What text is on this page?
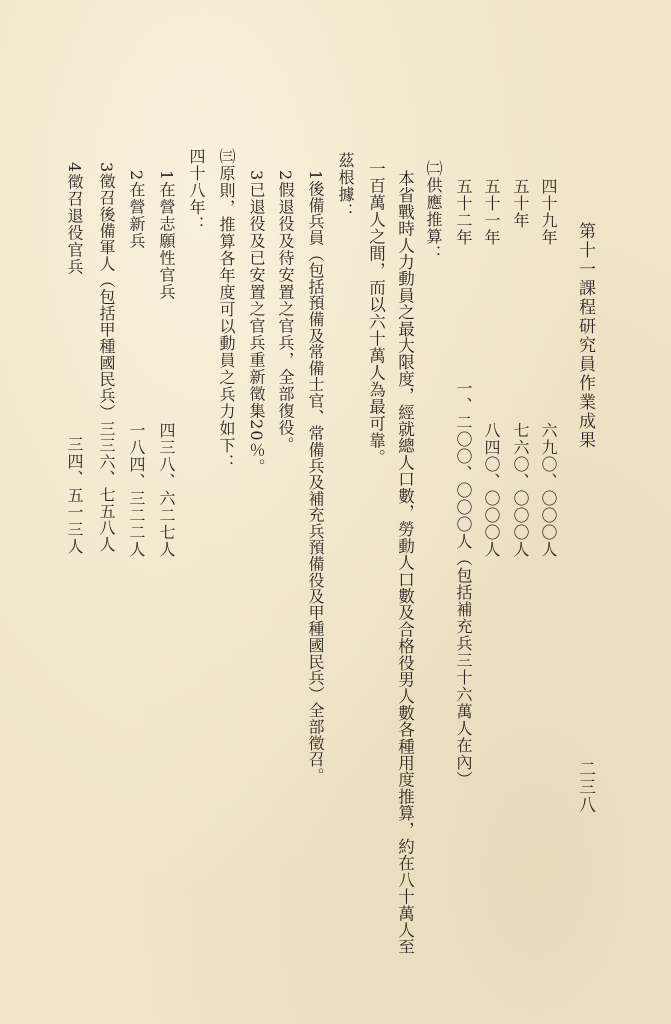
第十一課程研究員作業成果
二三八
四十九年
六九〇、〇〇〇人
五十年
七六〇、〇〇〇人
五十一年
八四〇、〇〇〇人
五十二年
一、二〇〇、〇〇〇人（包括補充兵三十六萬人在內）
㈡供應推算：
本省戰時人力動員之最大限度，經就總人口數，勞動人口數及合格役男人數各種用度推算，約在八十萬人至
一百萬人之間，而以六十萬人為最可靠。
茲根據：
1後備兵員（包括預備及常備士官、常備兵及補充兵預備役及甲種國民兵）全部徵召。
2假退役及待安置之官兵，全部復役。
3已退役及已安置之官兵重新徵集20％。
㈢原則，推算各年度可以動員之兵力如下：
四十八年：
1在營志願性官兵
四三八、六二七人
2在營新兵
一八四、三二二人
3徵召後備軍人（包括甲種國民兵）三三六、七五八人
4徵召退役官兵
三四、五一三人
